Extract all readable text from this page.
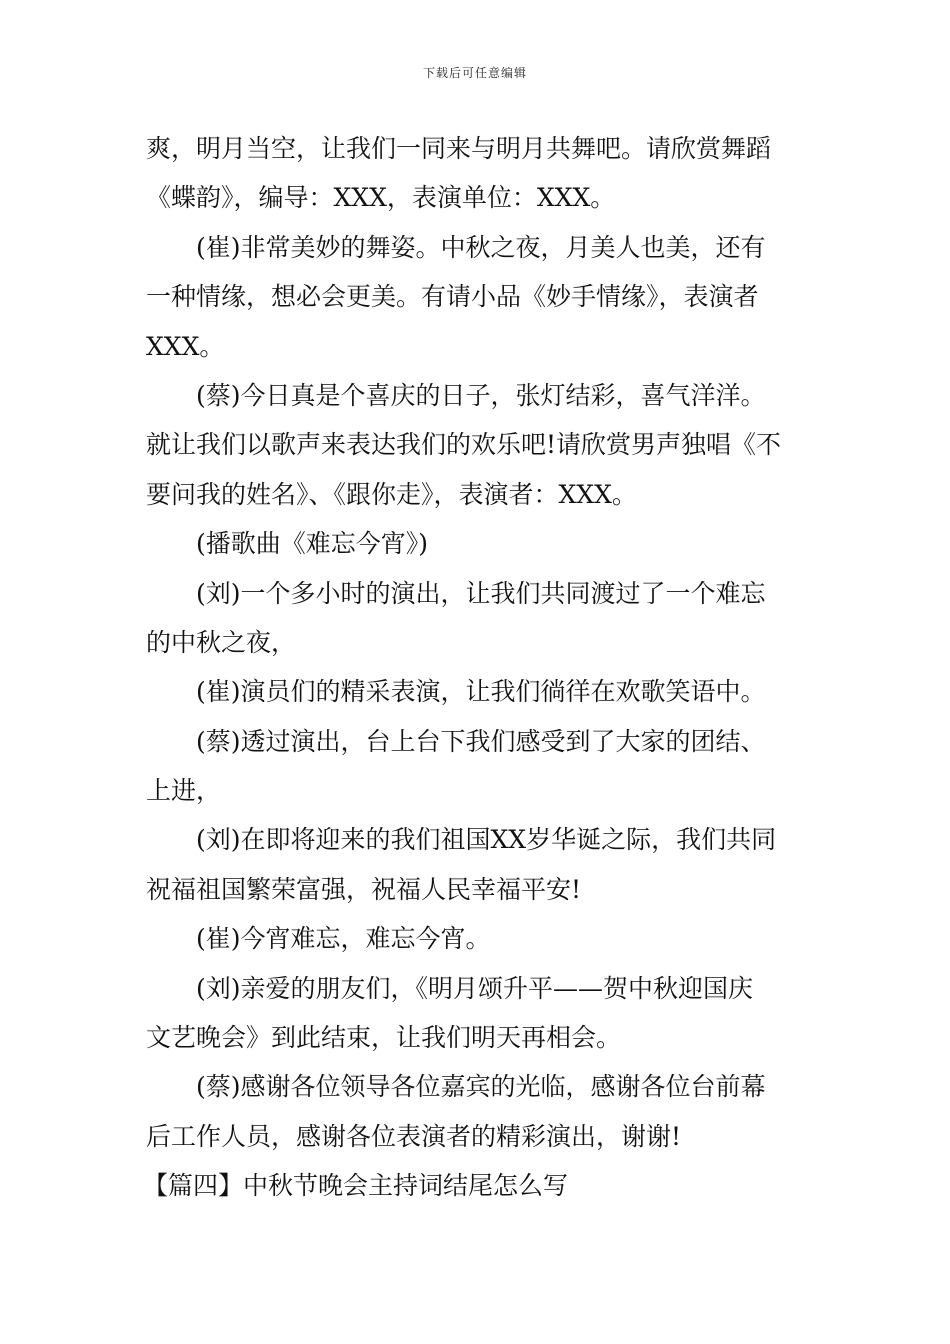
下载后可任意编辑
爽，明月当空，让我们一同来与明月共舞吧。请欣赏舞蹈
《蝶韵》，编导：XXX，表演单位：XXX。
(崔)非常美妙的舞姿。中秋之夜，月美人也美，还有
一种情缘，想必会更美。有请小品《妙手情缘》，表演者
XXX。
(蔡)今日真是个喜庆的日子，张灯结彩，喜气洋洋。
就让我们以歌声来表达我们的欢乐吧!请欣赏男声独唱《不
要问我的姓名》、《跟你走》，表演者：XXX。
(播歌曲《难忘今宵》)
(刘)一个多小时的演出，让我们共同渡过了一个难忘
的中秋之夜，
(崔)演员们的精采表演，让我们徜徉在欢歌笑语中。
(蔡)透过演出，台上台下我们感受到了大家的团结、
上进，
(刘)在即将迎来的我们祖国XX岁华诞之际，我们共同
祝福祖国繁荣富强，祝福人民幸福平安!
(崔)今宵难忘，难忘今宵。
(刘)亲爱的朋友们，《明月颂升平——贺中秋迎国庆
文艺晚会》到此结束，让我们明天再相会。
(蔡)感谢各位领导各位嘉宾的光临，感谢各位台前幕
后工作人员，感谢各位表演者的精彩演出，谢谢!
【篇四】中秋节晚会主持词结尾怎么写
